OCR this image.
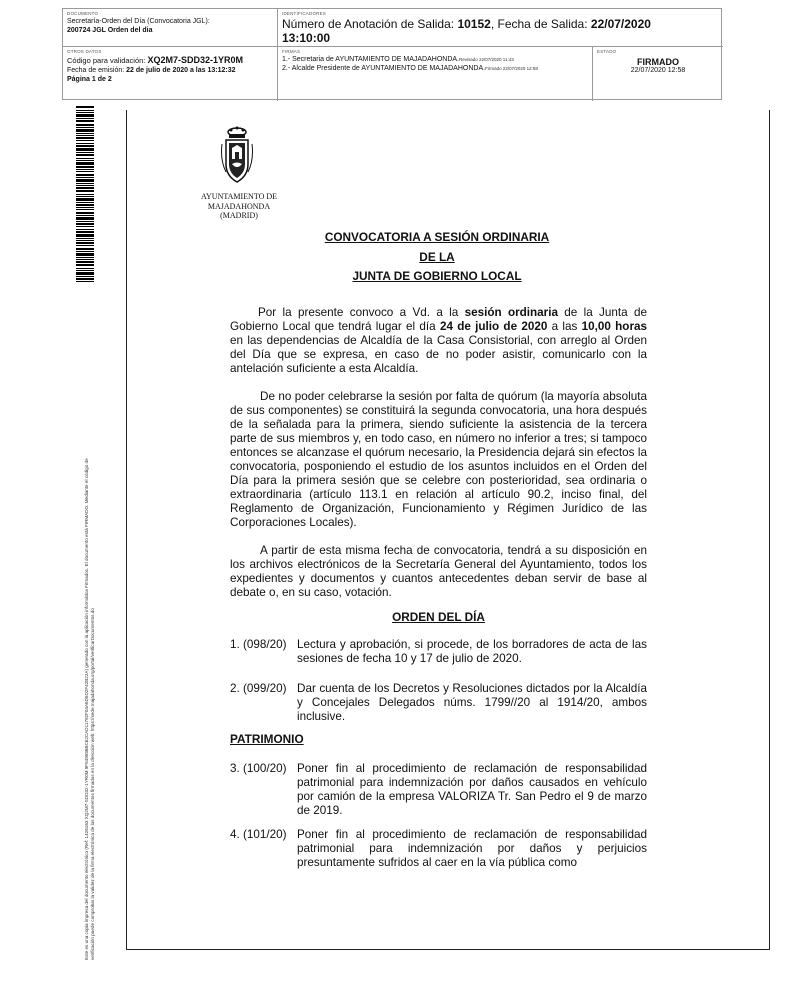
DOCUMENTO
Secretaría-Orden del Día (Convocatoria JGL):
200724 JGL Orden del dia
IDENTIFICADORES
Número de Anotación de Salida: 10152, Fecha de Salida: 22/07/2020
13:10:00
OTROS DATOS
Código para validación: XQ2M7-SDD32-1YR0M
Fecha de emisión: 22 de julio de 2020 a las 13:12:32
Página 1 de 2
FIRMAS
1.- Secretaria de AYUNTAMIENTO DE MAJADAHONDA.Revisado 22/07/2020 11:43
2.- Alcalde Presidente de AYUNTAMIENTO DE MAJADAHONDA.Firmado 22/07/2020 12:58
ESTADO
FIRMADO
22/07/2020 12:58
Este es una copia impresa del documento electrónico (Ref: 1426163 XQ2M7-SDD32-1YR0M 9F549586BC62CAD11792F04A6D5D2F42B22A) generado con la aplicación informática Firmadoc. El documento está FIRMADO. Mediante el código de verificación puede comprobar la validez de la firma electrónica de los documentos firmados en la dirección web: https://sede.majadahonda.org/portal/verificarDocumentos.do
AYUNTAMIENTO DE
MAJADAHONDA
(MADRID)
CONVOCATORIA A SESIÓN ORDINARIA
DE LA
JUNTA DE GOBIERNO LOCAL

Por la presente convoco a Vd. a la sesión ordinaria de la Junta de Gobierno Local que tendrá lugar el día 24 de julio de 2020 a las 10,00 horas en las dependencias de Alcaldía de la Casa Consistorial, con arreglo al Orden del Día que se expresa, en caso de no poder asistir, comunicarlo con la antelación suficiente a esta Alcaldía.

De no poder celebrarse la sesión por falta de quórum (la mayoría absoluta de sus componentes) se constituirá la segunda convocatoria, una hora después de la señalada para la primera, siendo suficiente la asistencia de la tercera parte de sus miembros y, en todo caso, en número no inferior a tres; si tampoco entonces se alcanzase el quórum necesario, la Presidencia dejará sin efectos la convocatoria, posponiendo el estudio de los asuntos incluidos en el Orden del Día para la primera sesión que se celebre con posterioridad, sea ordinaria o extraordinaria (artículo 113.1 en relación al artículo 90.2, inciso final, del Reglamento de Organización, Funcionamiento y Régimen Jurídico de las Corporaciones Locales).

A partir de esta misma fecha de convocatoria, tendrá a su disposición en los archivos electrónicos de la Secretaría General del Ayuntamiento, todos los expedientes y documentos y cuantos antecedentes deban servir de base al debate o, en su caso, votación.

ORDEN DEL DÍA
1. (098/20) Lectura y aprobación, si procede, de los borradores de acta de las sesiones de fecha 10 y 17 de julio de 2020.
2. (099/20) Dar cuenta de los Decretos y Resoluciones dictados por la Alcaldía y Concejales Delegados núms. 1799//20 al 1914/20, ambos inclusive.
PATRIMONIO
3. (100/20) Poner fin al procedimiento de reclamación de responsabilidad patrimonial para indemnización por daños causados en vehículo por camión de la empresa VALORIZA Tr. San Pedro el 9 de marzo de 2019.
4. (101/20) Poner fin al procedimiento de reclamación de responsabilidad patrimonial para indemnización por daños y perjuicios presuntamente sufridos al caer en la vía pública como
